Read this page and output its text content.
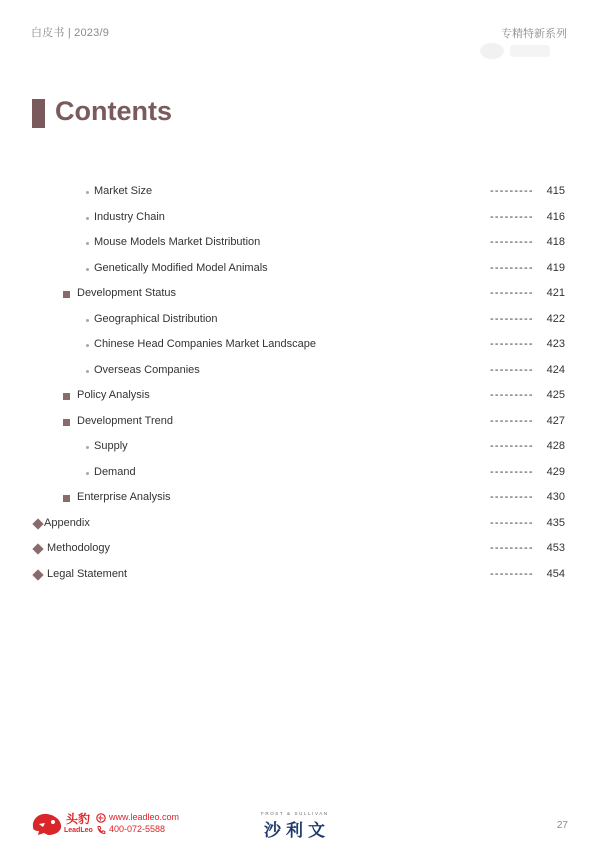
白皮书 | 2023/9	专精特新系列
Contents
Market Size	--------- 415
Industry Chain	--------- 416
Mouse Models Market Distribution	--------- 418
Genetically Modified Model Animals	--------- 419
Development Status	--------- 421
Geographical Distribution	--------- 422
Chinese Head Companies Market Landscape	--------- 423
Overseas Companies	--------- 424
Policy Analysis	--------- 425
Development Trend	--------- 427
Supply	--------- 428
Demand	--------- 429
Enterprise Analysis	--------- 430
Appendix	--------- 435
Methodology	--------- 453
Legal Statement	--------- 454
头豹
LeadLeo
www.leadleo.com
400-072-5588
FROST & SULLIVAN
沙利文	27
